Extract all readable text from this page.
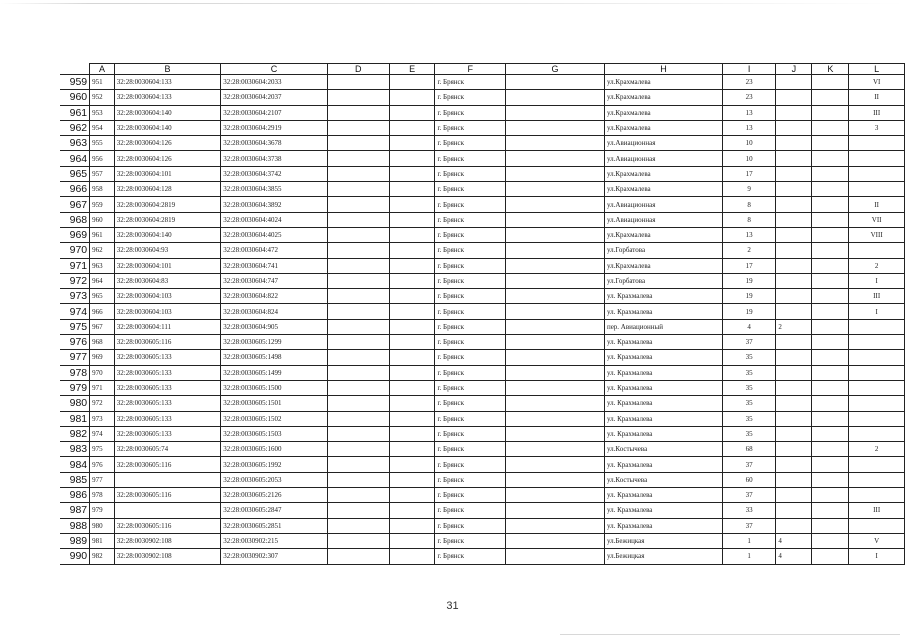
	A	B	C	D	E	F	G	H	I	J	K	L
959	951	32:28:0030604:133	32:28:0030604:2033			г. Брянск		ул.Крахмалева	23			VI
960	952	32:28:0030604:133	32:28:0030604:2037			г. Брянск		ул.Крахмалева	23			II
961	953	32:28:0030604:140	32:28:0030604:2107			г. Брянск		ул.Крахмалева	13			III
962	954	32:28:0030604:140	32:28:0030604:2919			г. Брянск		ул.Крахмалева	13			3
963	955	32:28:0030604:126	32:28:0030604:3678			г. Брянск		ул.Авиационная	10			
964	956	32:28:0030604:126	32:28:0030604:3738			г. Брянск		ул.Авиационная	10			
965	957	32:28:0030604:101	32:28:0030604:3742			г. Брянск		ул.Крахмалева	17			
966	958	32:28:0030604:128	32:28:0030604:3855			г. Брянск		ул.Крахмалева	9			
967	959	32:28:0030604:2819	32:28:0030604:3892			г. Брянск		ул.Авиационная	8			II
968	960	32:28:0030604:2819	32:28:0030604:4024			г. Брянск		ул.Авиационная	8			VII
969	961	32:28:0030604:140	32:28:0030604:4025			г. Брянск		ул.Крахмалева	13			VIII
970	962	32:28:0030604:93	32:28:0030604:472			г. Брянск		ул.Горбатова	2			
971	963	32:28:0030604:101	32:28:0030604:741			г. Брянск		ул.Крахмалева	17			2
972	964	32:28:0030604:83	32:28:0030604:747			г. Брянск		ул.Горбатова	19			I
973	965	32:28:0030604:103	32:28:0030604:822			г. Брянск		ул. Крахмалева	19			III
974	966	32:28:0030604:103	32:28:0030604:824			г. Брянск		ул. Крахмалева	19			I
975	967	32:28:0030604:111	32:28:0030604:905			г. Брянск		пер. Авиационный	4	2		
976	968	32:28:0030605:116	32:28:0030605:1299			г. Брянск		ул. Крахмалева	37			
977	969	32:28:0030605:133	32:28:0030605:1498			г. Брянск		ул. Крахмалева	35			
978	970	32:28:0030605:133	32:28:0030605:1499			г. Брянск		ул. Крахмалева	35			
979	971	32:28:0030605:133	32:28:0030605:1500			г. Брянск		ул. Крахмалева	35			
980	972	32:28:0030605:133	32:28:0030605:1501			г. Брянск		ул. Крахмалева	35			
981	973	32:28:0030605:133	32:28:0030605:1502			г. Брянск		ул. Крахмалева	35			
982	974	32:28:0030605:133	32:28:0030605:1503			г. Брянск		ул. Крахмалева	35			
983	975	32:28:0030605:74	32:28:0030605:1600			г. Брянск		ул.Костычева	68			2
984	976	32:28:0030605:116	32:28:0030605:1992			г. Брянск		ул. Крахмалева	37			
985	977		32:28:0030605:2053			г. Брянск		ул.Костычева	60			
986	978	32:28:0030605:116	32:28:0030605:2126			г. Брянск		ул. Крахмалева	37			
987	979		32:28:0030605:2847			г. Брянск		ул. Крахмалева	33			III
988	980	32:28:0030605:116	32:28:0030605:2851			г. Брянск		ул. Крахмалева	37			
989	981	32:28:0030902:108	32:28:0030902:215			г. Брянск		ул.Бежицкая	1	4		V
990	982	32:28:0030902:108	32:28:0030902:307			г. Брянск		ул.Бежицкая	1	4		I
31
